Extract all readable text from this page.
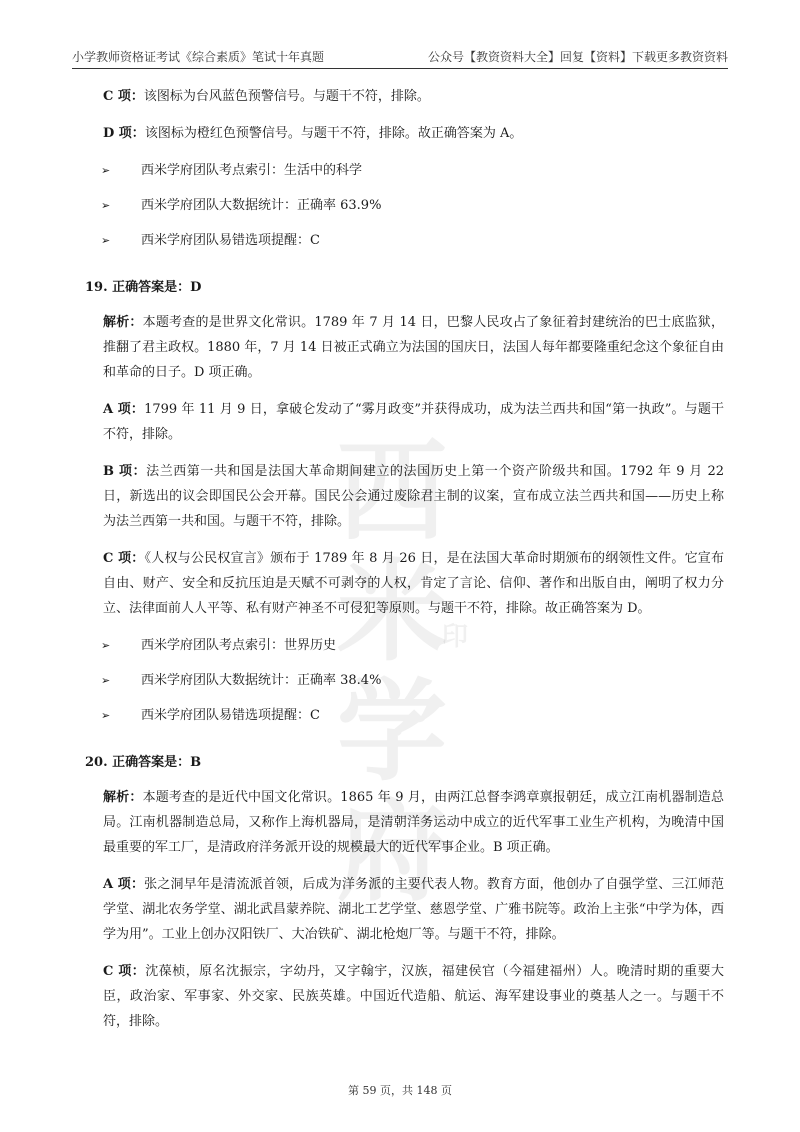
小学教师资格证考试《综合素质》笔试十年真题	公众号【教资资料大全】回复【资料】下载更多教资资料
西米
学府
印

C 项：该图标为台风蓝色预警信号。与题干不符，排除。

D 项：该图标为橙红色预警信号。与题干不符，排除。故正确答案为 A。

➢ 西米学府团队考点索引：生活中的科学
➢ 西米学府团队大数据统计：正确率 63.9%
➢ 西米学府团队易错选项提醒：C
19. 正确答案是：D

解析：本题考查的是世界文化常识。1789 年 7 月 14 日，巴黎人民攻占了象征着封建统治的巴士底监狱，推翻了君主政权。1880 年，7 月 14 日被正式确立为法国的国庆日，法国人每年都要隆重纪念这个象征自由和革命的日子。D 项正确。

A 项：1799 年 11 月 9 日，拿破仑发动了“雾月政变”并获得成功，成为法兰西共和国“第一执政”。与题干不符，排除。

B 项：法兰西第一共和国是法国大革命期间建立的法国历史上第一个资产阶级共和国。1792 年 9 月 22 日，新选出的议会即国民公会开幕。国民公会通过废除君主制的议案，宣布成立法兰西共和国——历史上称为法兰西第一共和国。与题干不符，排除。

C 项：《人权与公民权宣言》颁布于 1789 年 8 月 26 日，是在法国大革命时期颁布的纲领性文件。它宣布自由、财产、安全和反抗压迫是天赋不可剥夺的人权，肯定了言论、信仰、著作和出版自由，阐明了权力分立、法律面前人人平等、私有财产神圣不可侵犯等原则。与题干不符，排除。故正确答案为 D。

➢ 西米学府团队考点索引：世界历史
➢ 西米学府团队大数据统计：正确率 38.4%
➢ 西米学府团队易错选项提醒：C
20. 正确答案是：B

解析：本题考查的是近代中国文化常识。1865 年 9 月，由两江总督李鸿章禀报朝廷，成立江南机器制造总局。江南机器制造总局，又称作上海机器局，是清朝洋务运动中成立的近代军事工业生产机构，为晚清中国最重要的军工厂，是清政府洋务派开设的规模最大的近代军事企业。B 项正确。

A 项：张之洞早年是清流派首领，后成为洋务派的主要代表人物。教育方面，他创办了自强学堂、三江师范学堂、湖北农务学堂、湖北武昌蒙养院、湖北工艺学堂、慈恩学堂、广雅书院等。政治上主张“中学为体，西学为用”。工业上创办汉阳铁厂、大冶铁矿、湖北枪炮厂等。与题干不符，排除。

C 项：沈葆桢，原名沈振宗，字幼丹，又字翰宇，汉族，福建侯官（今福建福州）人。晚清时期的重要大臣，政治家、军事家、外交家、民族英雄。中国近代造船、航运、海军建设事业的奠基人之一。与题干不符，排除。

第 59 页，共 148 页
